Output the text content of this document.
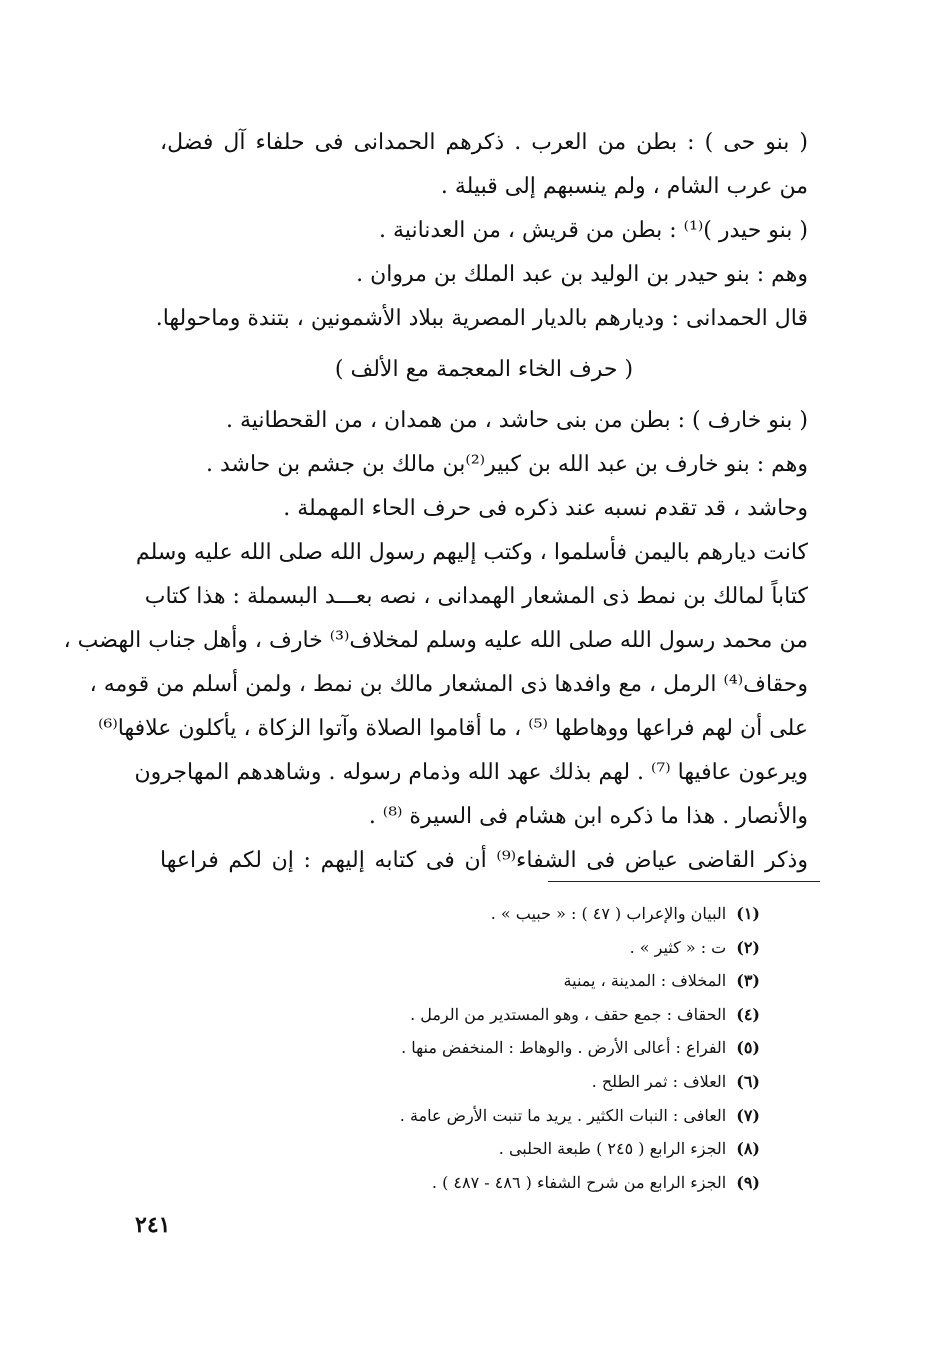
( بنو حى ) : بطن من العرب . ذكرهم الحمدانى فى حلفاء آل فضل،
من عرب الشام ، ولم ينسبهم إلى قبيلة .
( بنو حيدر )⁽¹⁾ : بطن من قريش ، من العدنانية .
وهم : بنو حيدر بن الوليد بن عبد الملك بن مروان .
قال الحمدانى : وديارهم بالديار المصرية ببلاد الأشمونين ، بتندة وماحولها.
( حرف الخاء المعجمة مع الألف )
( بنو خارف ) : بطن من بنى حاشد ، من همدان ، من القحطانية .
وهم : بنو خارف بن عبد الله بن كبير⁽²⁾بن مالك بن جشم بن حاشد .
وحاشد ، قد تقدم نسبه عند ذكره فى حرف الحاء المهملة .
كانت ديارهم باليمن فأسلموا ، وكتب إليهم رسول الله صلى الله عليه وسلم
كتاباً لمالك بن نمط ذى المشعار الهمدانى ، نصه بعـــد البسملة : هذا كتاب
من محمد رسول الله صلى الله عليه وسلم لمخلاف⁽³⁾ خارف ، وأهل جناب الهضب ،
وحقاف⁽⁴⁾ الرمل ، مع وافدها ذى المشعار مالك بن نمط ، ولمن أسلم من قومه ،
على أن لهم فراعها ووهاطها ⁽⁵⁾ ، ما أقاموا الصلاة وآتوا الزكاة ، يأكلون علافها⁽⁶⁾
ويرعون عافيها ⁽⁷⁾ . لهم بذلك عهد الله وذمام رسوله . وشاهدهم المهاجرون
والأنصار . هذا ما ذكره ابن هشام فى السيرة ⁽⁸⁾ .
وذكر القاضى عياض فى الشفاء⁽⁹⁾ أن فى كتابه إليهم : إن لكم فراعها
(١)البيان والإعراب ( ٤٧ ) : « حبيب » .
(٢)ت : « كثير » .
(٣)المخلاف : المدينة ، يمنية
(٤)الحقاف : جمع حقف ، وهو المستدير من الرمل .
(٥)الفراع : أعالى الأرض . والوهاط : المنخفض منها .
(٦)العلاف : ثمر الطلح .
(٧)العافى : النبات الكثير . يريد ما تنبت الأرض عامة .
(٨)الجزء الرابع ( ٢٤٥ ) طبعة الحلبى .
(٩)الجزء الرابع من شرح الشفاء ( ٤٨٦ - ٤٨٧ ) .
٢٤١
